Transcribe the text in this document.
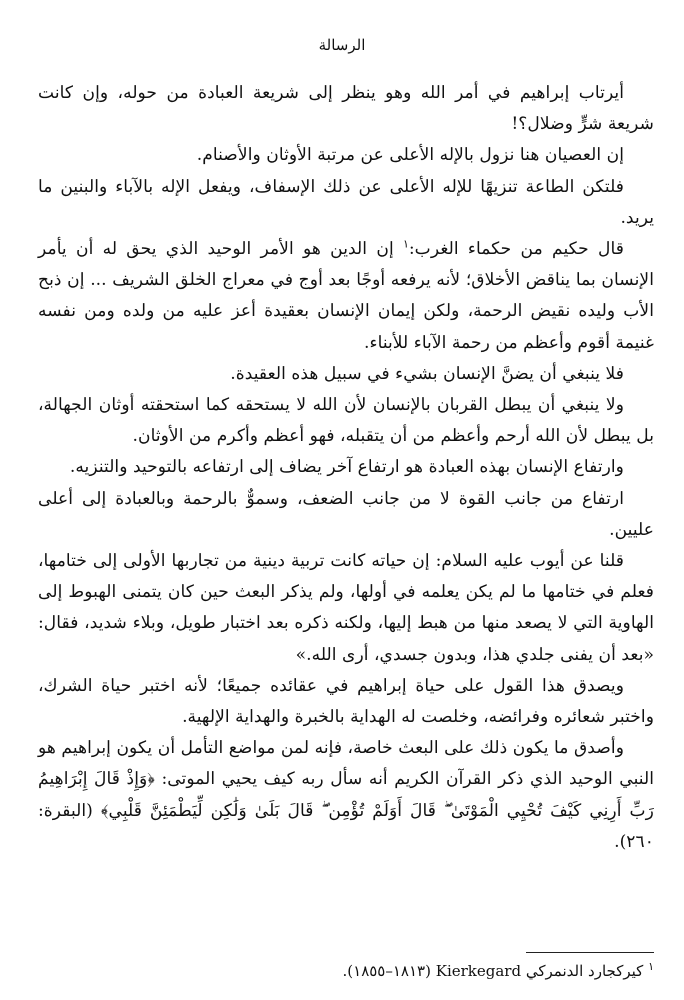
الرسالة

أيرتاب إبراهيم في أمر الله وهو ينظر إلى شريعة العبادة من حوله، وإن كانت شريعة شرٍّ وضلال؟!

إن العصيان هنا نزول بالإله الأعلى عن مرتبة الأوثان والأصنام.

فلتكن الطاعة تنزيهًا للإله الأعلى عن ذلك الإسفاف، ويفعل الإله بالآباء والبنين ما يريد.

قال حكيم من حكماء الغرب:$^١$ إن الدين هو الأمر الوحيد الذي يحق له أن يأمر الإنسان بما يناقض الأخلاق؛ لأنه يرفعه أوجًا بعد أوج في معراج الخلق الشريف ... إن ذبح الأب وليده نقيض الرحمة، ولكن إيمان الإنسان بعقيدة أعز عليه من ولده ومن نفسه غنيمة أقوم وأعظم من رحمة الآباء للأبناء.

فلا ينبغي أن يضنَّ الإنسان بشيء في سبيل هذه العقيدة.

ولا ينبغي أن يبطل القربان بالإنسان لأن الله لا يستحقه كما استحقته أوثان الجهالة، بل يبطل لأن الله أرحم وأعظم من أن يتقبله، فهو أعظم وأكرم من الأوثان.

وارتفاع الإنسان بهذه العبادة هو ارتفاع آخر يضاف إلى ارتفاعه بالتوحيد والتنزيه.

ارتفاع من جانب القوة لا من جانب الضعف، وسموٌّ بالرحمة وبالعبادة إلى أعلى عليين.

قلنا عن أيوب عليه السلام: إن حياته كانت تربية دينية من تجاربها الأولى إلى ختامها، فعلم في ختامها ما لم يكن يعلمه في أولها، ولم يذكر البعث حين كان يتمنى الهبوط إلى الهاوية التي لا يصعد منها من هبط إليها، ولكنه ذكره بعد اختبار طويل، وبلاء شديد، فقال: «بعد أن يفنى جلدي هذا، وبدون جسدي، أرى الله.»

ويصدق هذا القول على حياة إبراهيم في عقائده جميعًا؛ لأنه اختبر حياة الشرك، واختبر شعائره وفرائضه، وخلصت له الهداية بالخبرة والهداية الإلهية.

وأصدق ما يكون ذلك على البعث خاصة، فإنه لمن مواضع التأمل أن يكون إبراهيم هو النبي الوحيد الذي ذكر القرآن الكريم أنه سأل ربه كيف يحيي الموتى: ﴿وَإِذْ قَالَ إِبْرَاهِيمُ رَبِّ أَرِنِي كَيْفَ تُحْيِي الْمَوْتَىٰ ۖ قَالَ أَوَلَمْ تُؤْمِن ۖ قَالَ بَلَىٰ وَلَٰكِن لِّيَطْمَئِنَّ قَلْبِي﴾ (البقرة: ٢٦٠).

$^١$ كيركجارد الدنمركي Kierkegard (١٨١٣–١٨٥٥).
